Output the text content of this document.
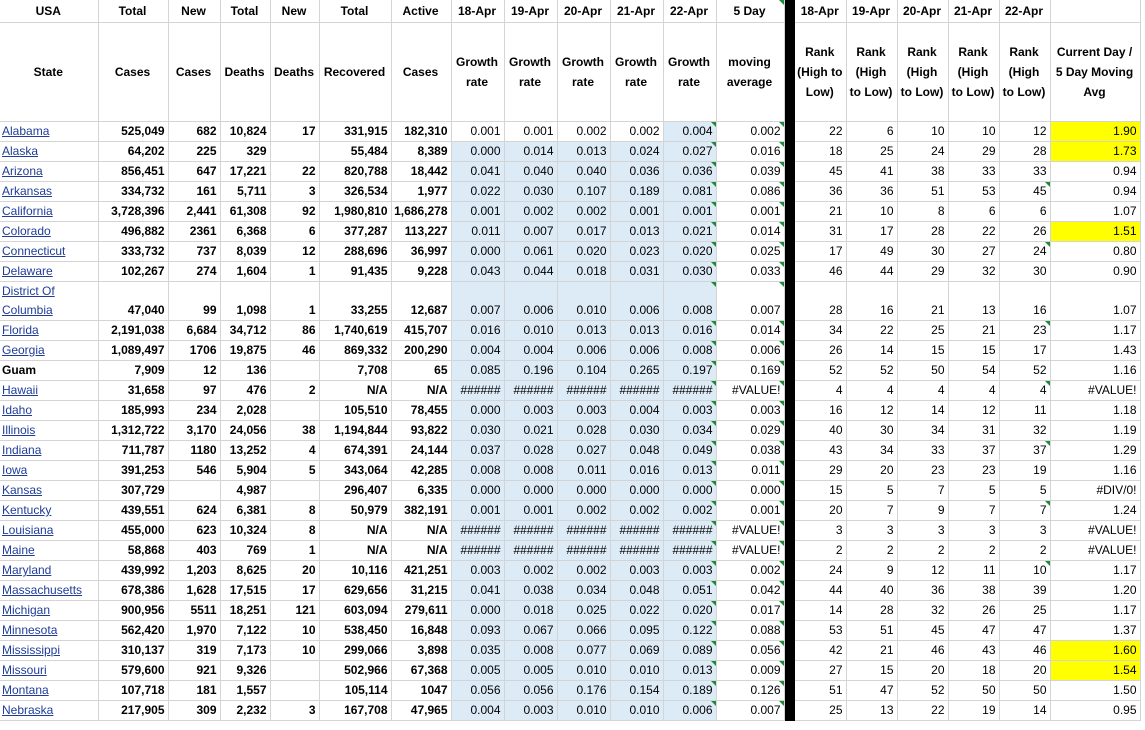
USA	Total	New	Total	New	Total	Active	18-Apr	19-Apr	20-Apr	21-Apr	22-Apr	5 Day		18-Apr	19-Apr	20-Apr	21-Apr	22-Apr	
State	Cases	Cases	Deaths	Deaths	Recovered	Cases	Growth rate	Growth rate	Growth rate	Growth rate	Growth rate	moving average		Rank (High to Low)	Rank (High to Low)	Rank (High to Low)	Rank (High to Low)	Rank (High to Low)	Current Day / 5 Day Moving Avg
Alabama	525,049	682	10,824	17	331,915	182,310	0.001	0.001	0.002	0.002	0.004	0.002		22	6	10	10	12	1.90
Alaska	64,202	225	329		55,484	8,389	0.000	0.014	0.013	0.024	0.027	0.016		18	25	24	29	28	1.73
Arizona	856,451	647	17,221	22	820,788	18,442	0.041	0.040	0.040	0.036	0.036	0.039		45	41	38	33	33	0.94
Arkansas	334,732	161	5,711	3	326,534	1,977	0.022	0.030	0.107	0.189	0.081	0.086		36	36	51	53	45	0.94
California	3,728,396	2,441	61,308	92	1,980,810	1,686,278	0.001	0.002	0.002	0.001	0.001	0.001		21	10	8	6	6	1.07
Colorado	496,882	2361	6,368	6	377,287	113,227	0.011	0.007	0.017	0.013	0.021	0.014		31	17	28	22	26	1.51
Connecticut	333,732	737	8,039	12	288,696	36,997	0.000	0.061	0.020	0.023	0.020	0.025		17	49	30	27	24	0.80
Delaware	102,267	274	1,604	1	91,435	9,228	0.043	0.044	0.018	0.031	0.030	0.033		46	44	29	32	30	0.90
District Of Columbia	47,040	99	1,098	1	33,255	12,687	0.007	0.006	0.010	0.006	0.008	0.007		28	16	21	13	16	1.07
Florida	2,191,038	6,684	34,712	86	1,740,619	415,707	0.016	0.010	0.013	0.013	0.016	0.014		34	22	25	21	23	1.17
Georgia	1,089,497	1706	19,875	46	869,332	200,290	0.004	0.004	0.006	0.006	0.008	0.006		26	14	15	15	17	1.43
Guam	7,909	12	136		7,708	65	0.085	0.196	0.104	0.265	0.197	0.169		52	52	50	54	52	1.16
Hawaii	31,658	97	476	2	N/A	N/A	######	######	######	######	######	#VALUE!		4	4	4	4	4	#VALUE!
Idaho	185,993	234	2,028		105,510	78,455	0.000	0.003	0.003	0.004	0.003	0.003		16	12	14	12	11	1.18
Illinois	1,312,722	3,170	24,056	38	1,194,844	93,822	0.030	0.021	0.028	0.030	0.034	0.029		40	30	34	31	32	1.19
Indiana	711,787	1180	13,252	4	674,391	24,144	0.037	0.028	0.027	0.048	0.049	0.038		43	34	33	37	37	1.29
Iowa	391,253	546	5,904	5	343,064	42,285	0.008	0.008	0.011	0.016	0.013	0.011		29	20	23	23	19	1.16
Kansas	307,729		4,987		296,407	6,335	0.000	0.000	0.000	0.000	0.000	0.000		15	5	7	5	5	#DIV/0!
Kentucky	439,551	624	6,381	8	50,979	382,191	0.001	0.001	0.002	0.002	0.002	0.001		20	7	9	7	7	1.24
Louisiana	455,000	623	10,324	8	N/A	N/A	######	######	######	######	######	#VALUE!		3	3	3	3	3	#VALUE!
Maine	58,868	403	769	1	N/A	N/A	######	######	######	######	######	#VALUE!		2	2	2	2	2	#VALUE!
Maryland	439,992	1,203	8,625	20	10,116	421,251	0.003	0.002	0.002	0.003	0.003	0.002		24	9	12	11	10	1.17
Massachusetts	678,386	1,628	17,515	17	629,656	31,215	0.041	0.038	0.034	0.048	0.051	0.042		44	40	36	38	39	1.20
Michigan	900,956	5511	18,251	121	603,094	279,611	0.000	0.018	0.025	0.022	0.020	0.017		14	28	32	26	25	1.17
Minnesota	562,420	1,970	7,122	10	538,450	16,848	0.093	0.067	0.066	0.095	0.122	0.088		53	51	45	47	47	1.37
Mississippi	310,137	319	7,173	10	299,066	3,898	0.035	0.008	0.077	0.069	0.089	0.056		42	21	46	43	46	1.60
Missouri	579,600	921	9,326		502,966	67,368	0.005	0.005	0.010	0.010	0.013	0.009		27	15	20	18	20	1.54
Montana	107,718	181	1,557		105,114	1047	0.056	0.056	0.176	0.154	0.189	0.126		51	47	52	50	50	1.50
Nebraska	217,905	309	2,232	3	167,708	47,965	0.004	0.003	0.010	0.010	0.006	0.007		25	13	22	19	14	0.95
